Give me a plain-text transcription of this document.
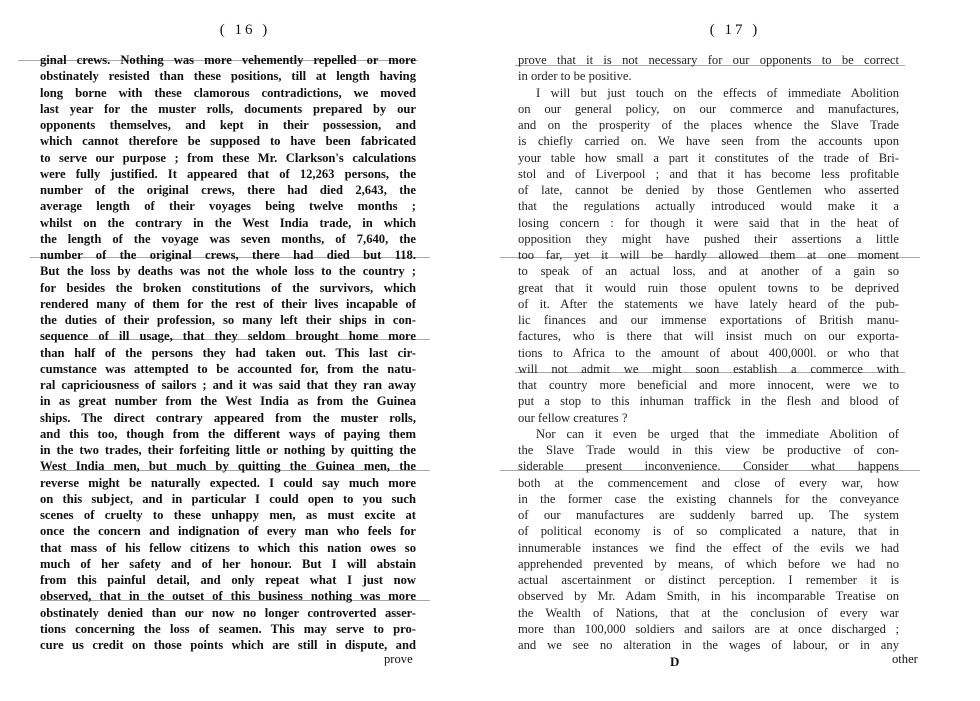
( 16 )
ginal crews. Nothing was more vehemently repelled or more
obstinately resisted than these positions, till at length having
long borne with these clamorous contradictions, we moved
last year for the muster rolls, documents prepared by our
opponents themselves, and kept in their possession, and
which cannot therefore be supposed to have been fabricated
to serve our purpose ; from these Mr. Clarkson's calculations
were fully justified. It appeared that of 12,263 persons, the
number of the original crews, there had died 2,643, the
average length of their voyages being twelve months ;
whilst on the contrary in the West India trade, in which
the length of the voyage was seven months, of 7,640, the
number of the original crews, there had died but 118.
But the loss by deaths was not the whole loss to the country ;
for besides the broken constitutions of the survivors, which
rendered many of them for the rest of their lives incapable of
the duties of their profession, so many left their ships in con-
sequence of ill usage, that they seldom brought home more
than half of the persons they had taken out. This last cir-
cumstance was attempted to be accounted for, from the natu-
ral capriciousness of sailors ; and it was said that they ran away
in as great number from the West India as from the Guinea
ships. The direct contrary appeared from the muster rolls,
and this too, though from the different ways of paying them
in the two trades, their forfeiting little or nothing by quitting the
West India men, but much by quitting the Guinea men, the
reverse might be naturally expected. I could say much more
on this subject, and in particular I could open to you such
scenes of cruelty to these unhappy men, as must excite at
once the concern and indignation of every man who feels for
that mass of his fellow citizens to which this nation owes so
much of her safety and of her honour. But I will abstain
from this painful detail, and only repeat what I just now
observed, that in the outset of this business nothing was more
obstinately denied than our now no longer controverted asser-
tions concerning the loss of seamen. This may serve to pro-
cure us credit on those points which are still in dispute, and
prove
( 17 )
prove that it is not necessary for our opponents to be correct
in order to be positive.
I will but just touch on the effects of immediate Abolition
on our general policy, on our commerce and manufactures,
and on the prosperity of the places whence the Slave Trade
is chiefly carried on. We have seen from the accounts upon
your table how small a part it constitutes of the trade of Bri-
stol and of Liverpool ; and that it has become less profitable
of late, cannot be denied by those Gentlemen who asserted
that the regulations actually introduced would make it a
losing concern : for though it were said that in the heat of
opposition they might have pushed their assertions a little
too far, yet it will be hardly allowed them at one moment
to speak of an actual loss, and at another of a gain so
great that it would ruin those opulent towns to be deprived
of it. After the statements we have lately heard of the pub-
lic finances and our immense exportations of British manu-
factures, who is there that will insist much on our exporta-
tions to Africa to the amount of about 400,000l. or who that
will not admit we might soon establish a commerce with
that country more beneficial and more innocent, were we to
put a stop to this inhuman traffick in the flesh and blood of
our fellow creatures ?
Nor can it even be urged that the immediate Abolition of
the Slave Trade would in this view be productive of con-
siderable present inconvenience. Consider what happens
both at the commencement and close of every war, how
in the former case the existing channels for the conveyance
of our manufactures are suddenly barred up. The system
of political economy is of so complicated a nature, that in
innumerable instances we find the effect of the evils we had
apprehended prevented by means, of which before we had no
actual ascertainment or distinct perception. I remember it is
observed by Mr. Adam Smith, in his incomparable Treatise on
the Wealth of Nations, that at the conclusion of every war
more than 100,000 soldiers and sailors are at once discharged ;
and we see no alteration in the wages of labour, or in any
D	other
